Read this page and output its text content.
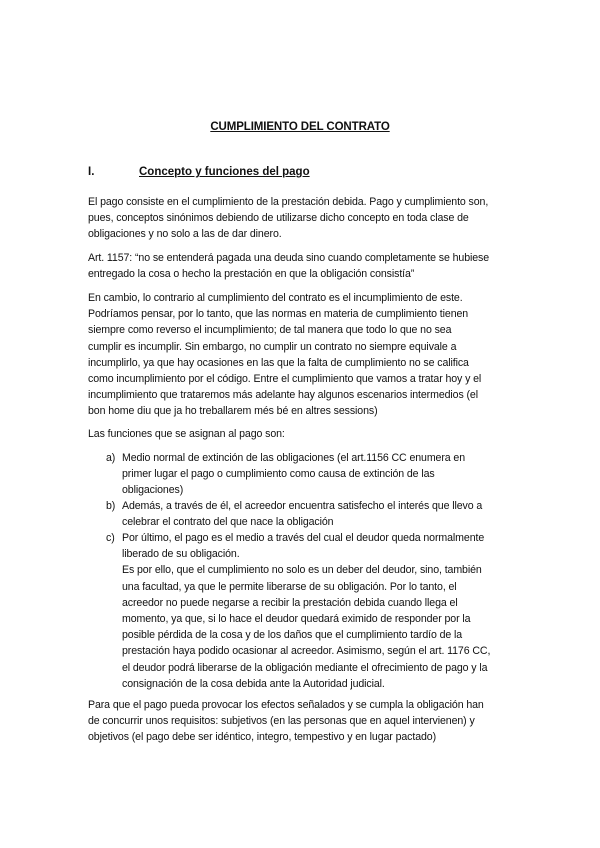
CUMPLIMIENTO DEL CONTRATO
I.	Concepto y funciones del pago
El pago consiste en el cumplimiento de la prestación debida. Pago y cumplimiento son,
pues, conceptos sinónimos debiendo de utilizarse dicho concepto en toda clase de
obligaciones y no solo a las de dar dinero.
Art. 1157: “no se entenderá pagada una deuda sino cuando completamente se hubiese
entregado la cosa o hecho la prestación en que la obligación consistía”
En cambio, lo contrario al cumplimiento del contrato es el incumplimiento de este.
Podríamos pensar, por lo tanto, que las normas en materia de cumplimiento tienen
siempre como reverso el incumplimiento; de tal manera que todo lo que no sea
cumplir es incumplir. Sin embargo, no cumplir un contrato no siempre equivale a
incumplirlo, ya que hay ocasiones en las que la falta de cumplimiento no se califica
como incumplimiento por el código. Entre el cumplimiento que vamos a tratar hoy y el
incumplimiento que trataremos más adelante hay algunos escenarios intermedios (el
bon home diu que ja ho treballarem més bé en altres sessions)
Las funciones que se asignan al pago son:
a) Medio normal de extinción de las obligaciones (el art.1156 CC enumera en
primer lugar el pago o cumplimiento como causa de extinción de las
obligaciones)
b) Además, a través de él, el acreedor encuentra satisfecho el interés que llevo a
celebrar el contrato del que nace la obligación
c) Por último, el pago es el medio a través del cual el deudor queda normalmente
liberado de su obligación.
Es por ello, que el cumplimiento no solo es un deber del deudor, sino, también
una facultad, ya que le permite liberarse de su obligación. Por lo tanto, el
acreedor no puede negarse a recibir la prestación debida cuando llega el
momento, ya que, si lo hace el deudor quedará eximido de responder por la
posible pérdida de la cosa y de los daños que el cumplimiento tardío de la
prestación haya podido ocasionar al acreedor. Asimismo, según el art. 1176 CC,
el deudor podrá liberarse de la obligación mediante el ofrecimiento de pago y la
consignación de la cosa debida ante la Autoridad judicial.
Para que el pago pueda provocar los efectos señalados y se cumpla la obligación han
de concurrir unos requisitos: subjetivos (en las personas que en aquel intervienen) y
objetivos (el pago debe ser idéntico, integro, tempestivo y en lugar pactado)
